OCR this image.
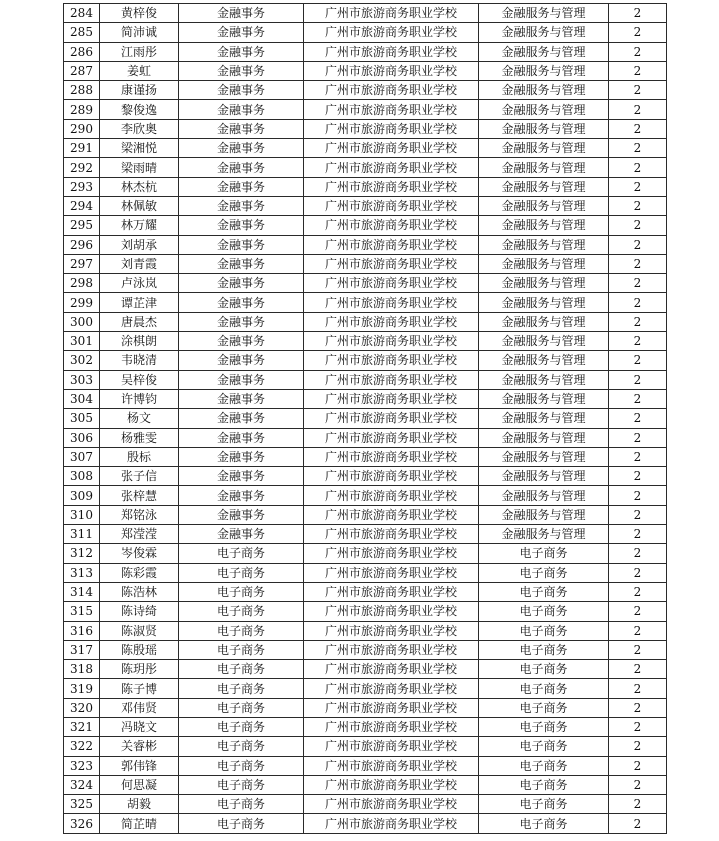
284	黄梓俊	金融事务	广州市旅游商务职业学校	金融服务与管理	2
285	简沛诚	金融事务	广州市旅游商务职业学校	金融服务与管理	2
286	江雨彤	金融事务	广州市旅游商务职业学校	金融服务与管理	2
287	姜虹	金融事务	广州市旅游商务职业学校	金融服务与管理	2
288	康谨扬	金融事务	广州市旅游商务职业学校	金融服务与管理	2
289	黎俊逸	金融事务	广州市旅游商务职业学校	金融服务与管理	2
290	李欣奥	金融事务	广州市旅游商务职业学校	金融服务与管理	2
291	梁湘悦	金融事务	广州市旅游商务职业学校	金融服务与管理	2
292	梁雨晴	金融事务	广州市旅游商务职业学校	金融服务与管理	2
293	林杰杭	金融事务	广州市旅游商务职业学校	金融服务与管理	2
294	林佩敏	金融事务	广州市旅游商务职业学校	金融服务与管理	2
295	林万耀	金融事务	广州市旅游商务职业学校	金融服务与管理	2
296	刘胡承	金融事务	广州市旅游商务职业学校	金融服务与管理	2
297	刘青霞	金融事务	广州市旅游商务职业学校	金融服务与管理	2
298	卢泳岚	金融事务	广州市旅游商务职业学校	金融服务与管理	2
299	谭芷津	金融事务	广州市旅游商务职业学校	金融服务与管理	2
300	唐晨杰	金融事务	广州市旅游商务职业学校	金融服务与管理	2
301	涂棋朗	金融事务	广州市旅游商务职业学校	金融服务与管理	2
302	韦晓清	金融事务	广州市旅游商务职业学校	金融服务与管理	2
303	吴梓俊	金融事务	广州市旅游商务职业学校	金融服务与管理	2
304	许博钧	金融事务	广州市旅游商务职业学校	金融服务与管理	2
305	杨文	金融事务	广州市旅游商务职业学校	金融服务与管理	2
306	杨雅雯	金融事务	广州市旅游商务职业学校	金融服务与管理	2
307	殷标	金融事务	广州市旅游商务职业学校	金融服务与管理	2
308	张子信	金融事务	广州市旅游商务职业学校	金融服务与管理	2
309	张梓慧	金融事务	广州市旅游商务职业学校	金融服务与管理	2
310	郑铭泳	金融事务	广州市旅游商务职业学校	金融服务与管理	2
311	郑滢滢	金融事务	广州市旅游商务职业学校	金融服务与管理	2
312	岑俊霖	电子商务	广州市旅游商务职业学校	电子商务	2
313	陈彩霞	电子商务	广州市旅游商务职业学校	电子商务	2
314	陈浩林	电子商务	广州市旅游商务职业学校	电子商务	2
315	陈诗绮	电子商务	广州市旅游商务职业学校	电子商务	2
316	陈淑贤	电子商务	广州市旅游商务职业学校	电子商务	2
317	陈殷瑶	电子商务	广州市旅游商务职业学校	电子商务	2
318	陈玥彤	电子商务	广州市旅游商务职业学校	电子商务	2
319	陈子博	电子商务	广州市旅游商务职业学校	电子商务	2
320	邓伟贤	电子商务	广州市旅游商务职业学校	电子商务	2
321	冯晓文	电子商务	广州市旅游商务职业学校	电子商务	2
322	关睿彬	电子商务	广州市旅游商务职业学校	电子商务	2
323	郭伟锋	电子商务	广州市旅游商务职业学校	电子商务	2
324	何思凝	电子商务	广州市旅游商务职业学校	电子商务	2
325	胡毅	电子商务	广州市旅游商务职业学校	电子商务	2
326	简芷晴	电子商务	广州市旅游商务职业学校	电子商务	2
